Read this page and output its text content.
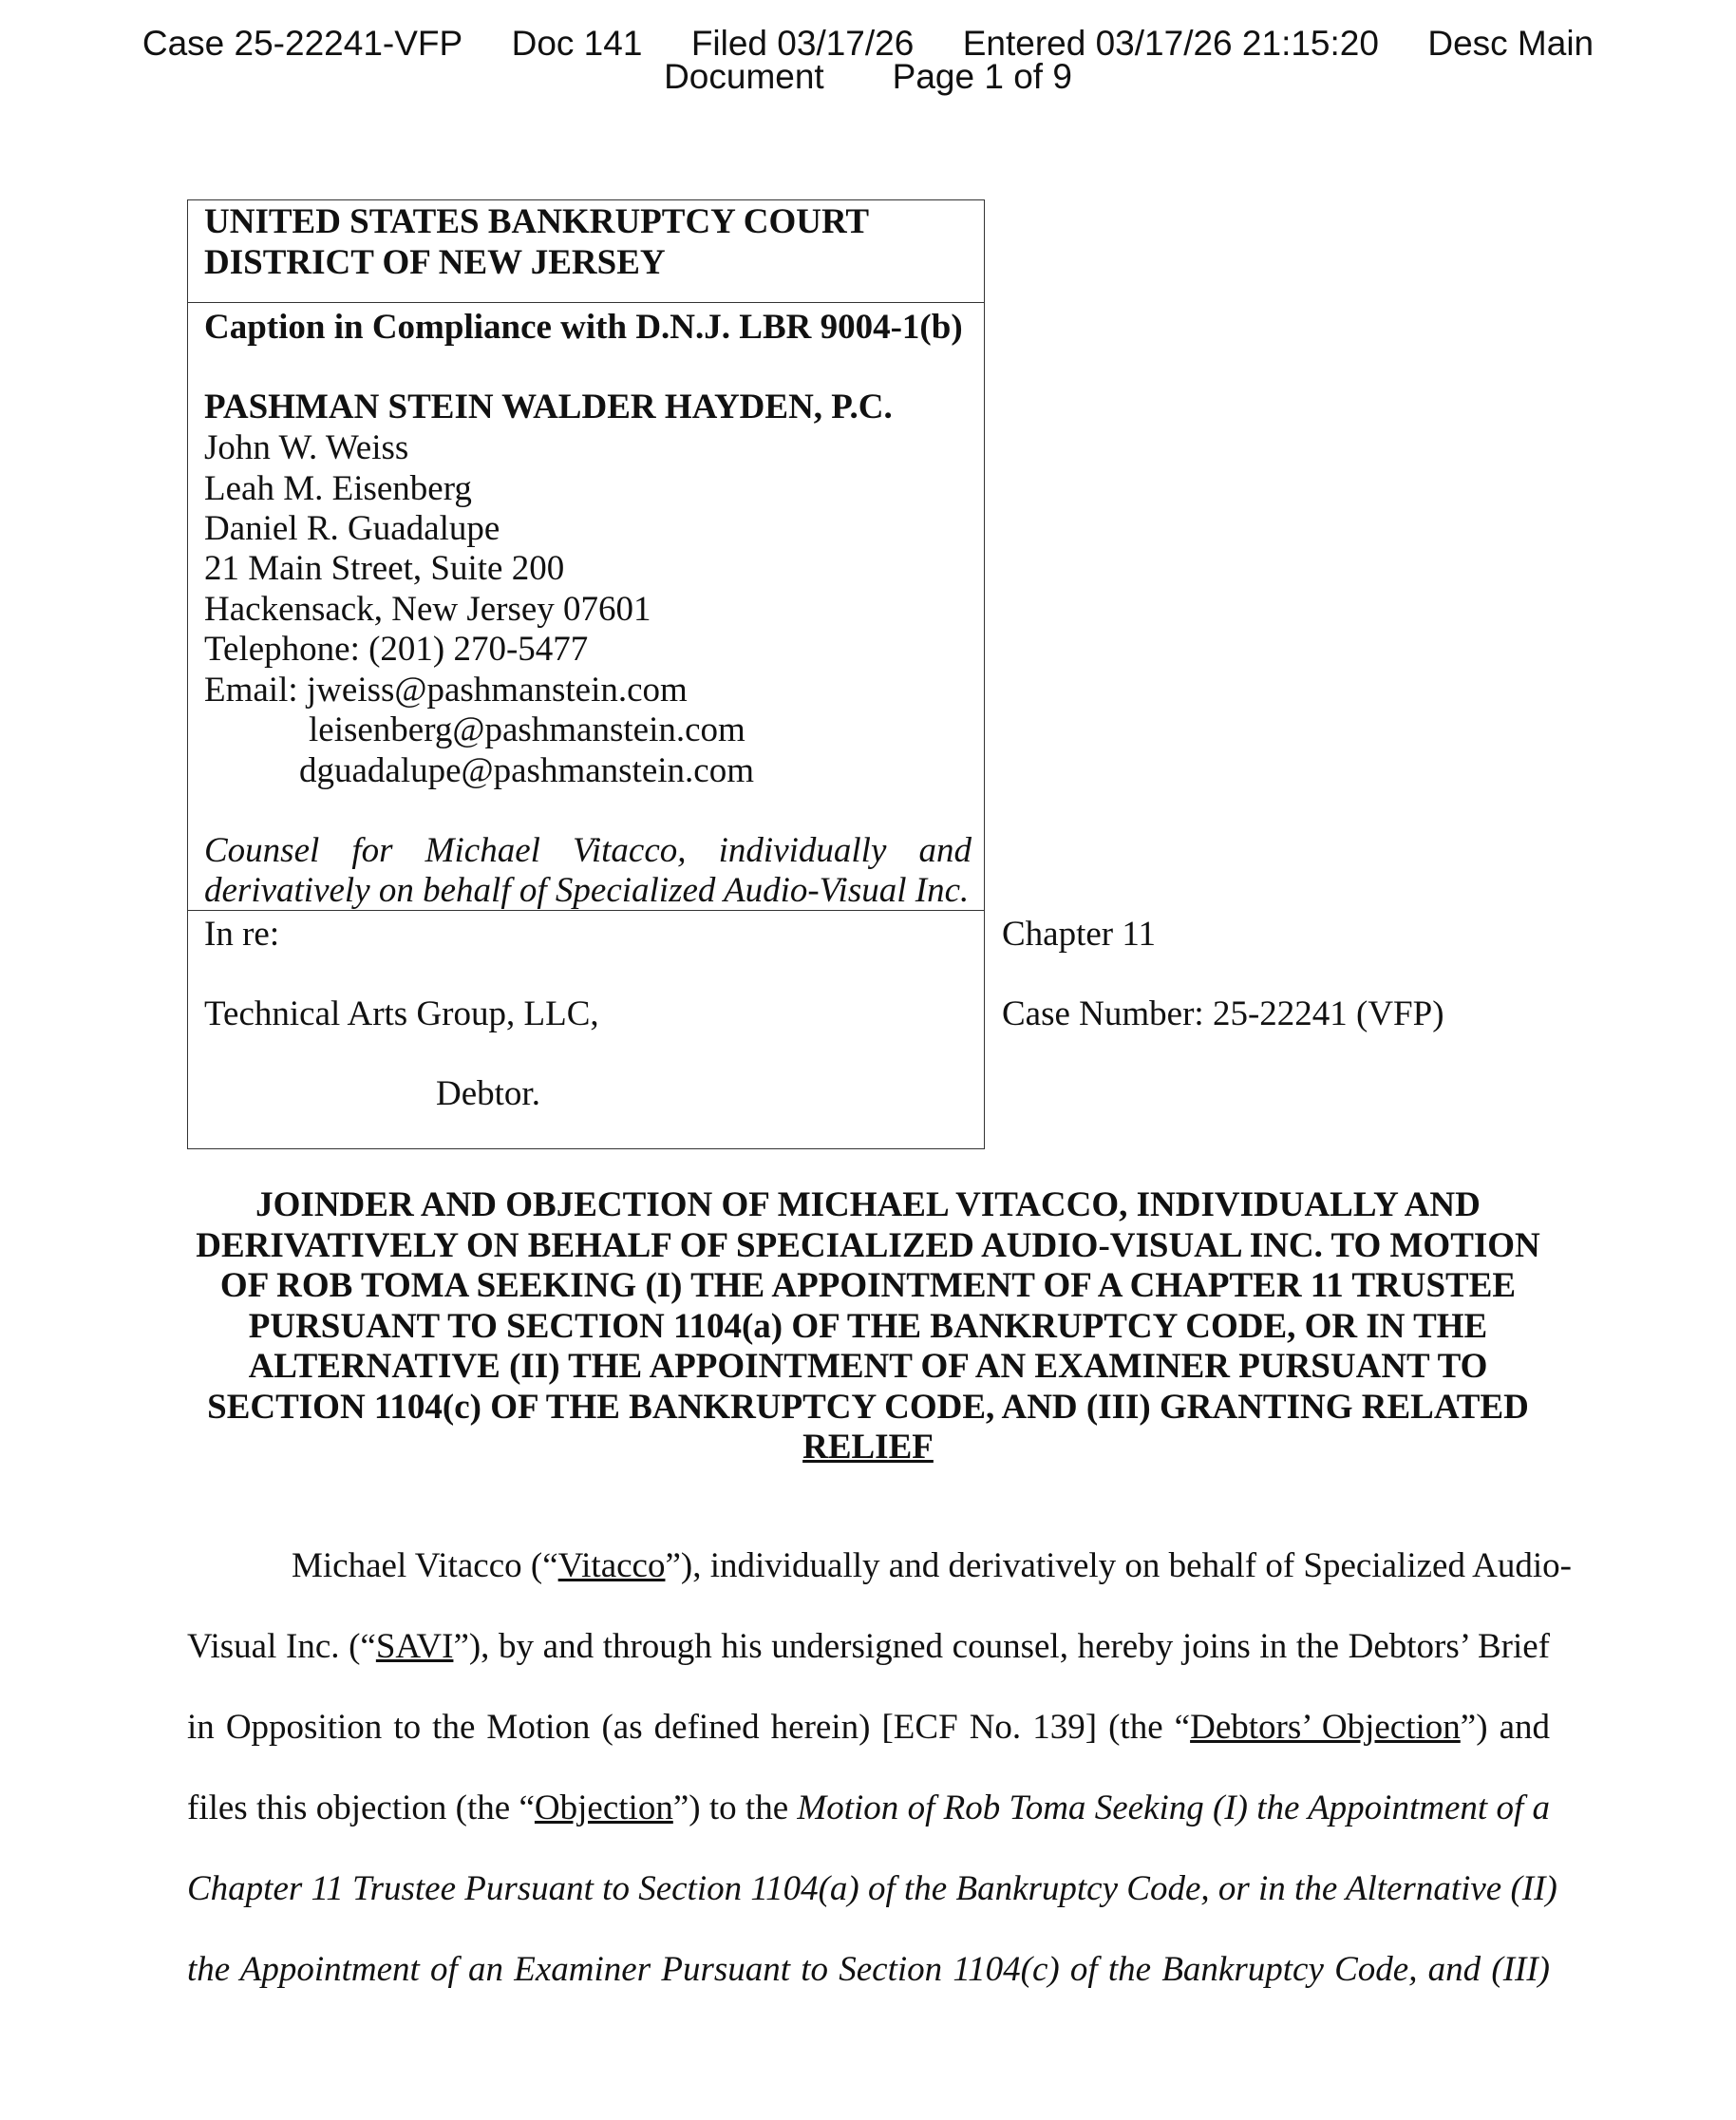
Case 25-22241-VFP Doc 141 Filed 03/17/26 Entered 03/17/26 21:15:20 Desc Main
Document Page 1 of 9
UNITED STATES BANKRUPTCY COURT
DISTRICT OF NEW JERSEY
Caption in Compliance with D.N.J. LBR 9004-1(b)
PASHMAN STEIN WALDER HAYDEN, P.C.
John W. Weiss
Leah M. Eisenberg
Daniel R. Guadalupe
21 Main Street, Suite 200
Hackensack, New Jersey 07601
Telephone: (201) 270-5477
Email: jweiss@pashmanstein.com
leisenberg@pashmanstein.com
dguadalupe@pashmanstein.com
Counsel for Michael Vitacco, individually and
derivatively on behalf of Specialized Audio-Visual Inc.
In re:
Technical Arts Group, LLC,
Debtor.
Chapter 11
Case Number: 25-22241 (VFP)
JOINDER AND OBJECTION OF MICHAEL VITACCO, INDIVIDUALLY AND
DERIVATIVELY ON BEHALF OF SPECIALIZED AUDIO-VISUAL INC. TO MOTION
OF ROB TOMA SEEKING (I) THE APPOINTMENT OF A CHAPTER 11 TRUSTEE
PURSUANT TO SECTION 1104(a) OF THE BANKRUPTCY CODE, OR IN THE
ALTERNATIVE (II) THE APPOINTMENT OF AN EXAMINER PURSUANT TO
SECTION 1104(c) OF THE BANKRUPTCY CODE, AND (III) GRANTING RELATED
RELIEF
Michael Vitacco (“Vitacco”), individually and derivatively on behalf of Specialized Audio-
Visual Inc. (“SAVI”), by and through his undersigned counsel, hereby joins in the Debtors’ Brief
in Opposition to the Motion (as defined herein) [ECF No. 139] (the “Debtors’ Objection”) and
files this objection (the “Objection”) to the Motion of Rob Toma Seeking (I) the Appointment of a
Chapter 11 Trustee Pursuant to Section 1104(a) of the Bankruptcy Code, or in the Alternative (II)
the Appointment of an Examiner Pursuant to Section 1104(c) of the Bankruptcy Code, and (III)
